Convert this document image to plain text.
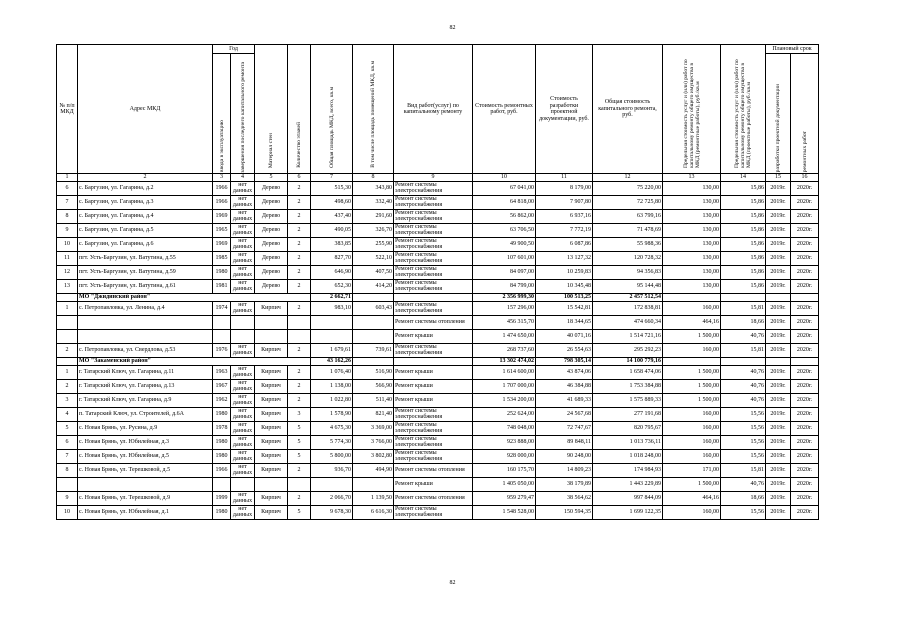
82
№ п/п МКД	Адрес МКД	Год		Материал стен	Количество этажей	Общая площадь МКД, всего, кв.м	В том числе площадь помещений МКД, кв.м	Вид работ(услуг) по капитальному ремонту	Стоимость ремонтных работ, руб.	Стоимость разработки проектной документации, руб.	Общая стоимость капитального ремонта, руб.	Предельная стоимость услуг и (или) работ по капитальному ремонту общего имущества в МКД (ремонтные работы), руб./кв.м	Предельная стоимость услуг и (или) работ по капитальному ремонту общего имущества в МКД (проектные работы), руб./кв.м	Плановый срок	

		ввода в эксплуатацию	завершения последнего капитального ремонта											разработки проектной документации	ремонтных работ

1	2	3	4	5	6	7	8	9	10	11	12	13	14	15	16
6	с. Баргузин, ул. Гагарина, д.2	1966	нет данных	Дерево	2	515,30	343,80	Ремонт системы электроснабжения	67 041,00	8 179,00	75 220,00	130,00	15,86	2019г.	2020г.
7	с. Баргузин, ул. Гагарина, д.3	1966	нет данных	Дерево	2	498,60	332,40	Ремонт системы электроснабжения	64 818,00	7 907,80	72 725,80	130,00	15,86	2019г.	2020г.
8	с. Баргузин, ул. Гагарина, д.4	1969	нет данных	Дерево	2	437,40	291,60	Ремонт системы электроснабжения	56 862,00	6 937,16	63 799,16	130,00	15,86	2019г.	2020г.
9	с. Баргузин, ул. Гагарина, д.5	1965	нет данных	Дерево	2	490,05	326,70	Ремонт системы электроснабжения	63 706,50	7 772,19	71 478,69	130,00	15,86	2019г.	2020г.
10	с. Баргузин, ул. Гагарина, д.6	1969	нет данных	Дерево	2	383,85	255,90	Ремонт системы электроснабжения	49 900,50	6 087,86	55 988,36	130,00	15,86	2019г.	2020г.
11	пгт. Усть-Баргузин, ул. Ватутина, д.55	1985	нет данных	Дерево	2	827,70	522,10	Ремонт системы электроснабжения	107 601,00	13 127,32	120 728,32	130,00	15,86	2019г.	2020г.
12	пгт. Усть-Баргузин, ул. Ватутина, д.59	1980	нет данных	Дерево	2	646,90	407,50	Ремонт системы электроснабжения	84 097,00	10 259,83	94 356,83	130,00	15,86	2019г.	2020г.
13	пгт. Усть-Баргузин, ул. Ватутина, д.61	1981	нет данных	Дерево	2	652,30	414,20	Ремонт системы электроснабжения	84 799,00	10 345,48	95 144,48	130,00	15,86	2019г.	2020г.
	МО "Джидинский район"					2 662,71			2 356 999,30	100 513,25	2 457 512,54				
1	с. Петропавловка, ул. Ленина, д.4	1974	нет данных	Кирпич	2	983,10	603,43	Ремонт системы электроснабжения	157 296,00	15 542,81	172 838,81	160,00	15,81	2019г.	2020г.
								Ремонт системы отопления	456 315,70	18 344,65	474 660,34	464,16	18,66	2019г.	2020г.
								Ремонт крыши	1 474 650,00	40 071,16	1 514 721,16	1 500,00	40,76	2019г.	2020г.
2	с. Петропавловка, ул. Свердлова, д.53	1976	нет данных	Кирпич	2	1 679,61	739,61	Ремонт системы электроснабжения	268 737,60	26 554,63	295 292,23	160,00	15,81	2019г.	2020г.
	МО "Закаменский район"					43 162,26			13 302 474,02	798 305,14	14 100 779,16				
1	г. Татарский Ключ, ул. Гагарина, д.11	1963	нет данных	Кирпич	2	1 076,40	516,90	Ремонт крыши	1 614 600,00	43 874,06	1 658 474,06	1 500,00	40,76	2019г.	2020г.
2	г. Татарский Ключ, ул. Гагарина, д.13	1967	нет данных	Кирпич	2	1 138,00	566,90	Ремонт крыши	1 707 000,00	46 384,88	1 753 384,88	1 500,00	40,76	2019г.	2020г.
3	г. Татарский Ключ, ул. Гагарина, д.9	1962	нет данных	Кирпич	2	1 022,80	511,40	Ремонт крыши	1 534 200,00	41 689,33	1 575 889,33	1 500,00	40,76	2019г.	2020г.
4	п. Татарский Ключ, ул. Строителей, д.6А	1980	нет данных	Кирпич	3	1 578,90	821,40	Ремонт системы электроснабжения	252 624,00	24 567,68	277 191,68	160,00	15,56	2019г.	2020г.
5	с. Новая Брянь, ул. Русина, д.9	1978	нет данных	Кирпич	5	4 675,30	3 369,00	Ремонт системы электроснабжения	748 048,00	72 747,67	820 795,67	160,00	15,56	2019г.	2020г.
6	с. Новая Брянь, ул. Юбилейная, д.3	1980	нет данных	Кирпич	5	5 774,30	3 766,00	Ремонт системы электроснабжения	923 888,00	89 848,11	1 013 736,11	160,00	15,56	2019г.	2020г.
7	с. Новая Брянь, ул. Юбилейная, д.5	1980	нет данных	Кирпич	5	5 800,00	3 802,80	Ремонт системы электроснабжения	928 000,00	90 248,00	1 018 248,00	160,00	15,56	2019г.	2020г.
8	с. Новая Брянь, ул. Терешковой, д.5	1966	нет данных	Кирпич	2	936,70	494,90	Ремонт системы отопления	160 175,70	14 809,23	174 984,93	171,00	15,81	2019г.	2020г.
								Ремонт крыши	1 405 050,00	38 179,89	1 443 229,89	1 500,00	40,76	2019г.	2020г.
9	с. Новая Брянь, ул. Терешковой, д.9	1999	нет данных	Кирпич	2	2 066,70	1 139,50	Ремонт системы отопления	959 279,47	38 564,62	997 844,09	464,16	18,66	2019г.	2020г.
10	с. Новая Брянь, ул. Юбилейная, д.1	1980	нет данных	Кирпич	5	9 678,30	6 616,30	Ремонт системы электроснабжения	1 548 528,00	150 594,35	1 699 122,35	160,00	15,56	2019г.	2020г.
82
